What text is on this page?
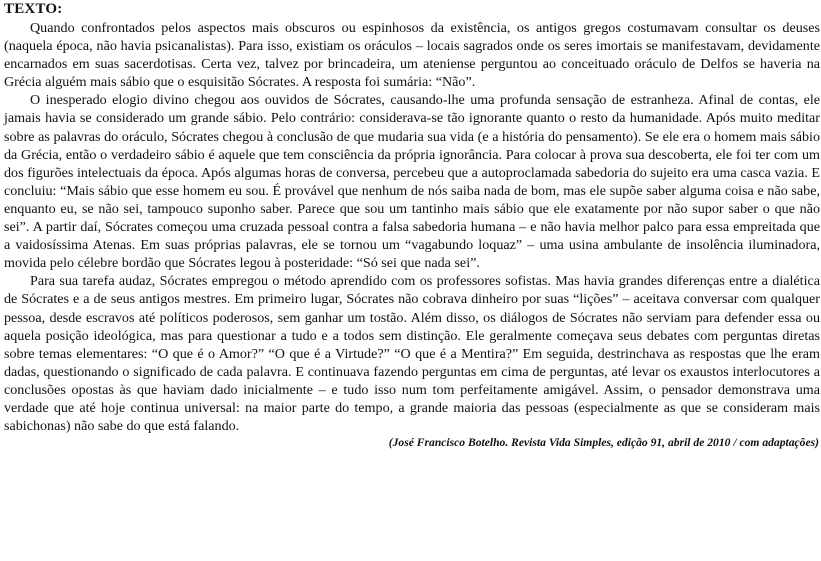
TEXTO:

Quando confrontados pelos aspectos mais obscuros ou espinhosos da existência, os antigos gregos costumavam consultar os deuses (naquela época, não havia psicanalistas). Para isso, existiam os oráculos – locais sagrados onde os seres imortais se manifestavam, devidamente encarnados em suas sacerdotisas. Certa vez, talvez por brincadeira, um ateniense perguntou ao conceituado oráculo de Delfos se haveria na Grécia alguém mais sábio que o esquisitão Sócrates. A resposta foi sumária: “Não”.

O inesperado elogio divino chegou aos ouvidos de Sócrates, causando-lhe uma profunda sensação de estranheza. Afinal de contas, ele jamais havia se considerado um grande sábio. Pelo contrário: considerava-se tão ignorante quanto o resto da humanidade. Após muito meditar sobre as palavras do oráculo, Sócrates chegou à conclusão de que mudaria sua vida (e a história do pensamento). Se ele era o homem mais sábio da Grécia, então o verdadeiro sábio é aquele que tem consciência da própria ignorância. Para colocar à prova sua descoberta, ele foi ter com um dos figurões intelectuais da época. Após algumas horas de conversa, percebeu que a autoproclamada sabedoria do sujeito era uma casca vazia. E concluiu: “Mais sábio que esse homem eu sou. É provável que nenhum de nós saiba nada de bom, mas ele supõe saber alguma coisa e não sabe, enquanto eu, se não sei, tampouco suponho saber. Parece que sou um tantinho mais sábio que ele exatamente por não supor saber o que não sei”. A partir daí, Sócrates começou uma cruzada pessoal contra a falsa sabedoria humana – e não havia melhor palco para essa empreitada que a vaidosíssima Atenas. Em suas próprias palavras, ele se tornou um “vagabundo loquaz” – uma usina ambulante de insolência iluminadora, movida pelo célebre bordão que Sócrates legou à posteridade: “Só sei que nada sei”.

Para sua tarefa audaz, Sócrates empregou o método aprendido com os professores sofistas. Mas havia grandes diferenças entre a dialética de Sócrates e a de seus antigos mestres. Em primeiro lugar, Sócrates não cobrava dinheiro por suas “lições” – aceitava conversar com qualquer pessoa, desde escravos até políticos poderosos, sem ganhar um tostão. Além disso, os diálogos de Sócrates não serviam para defender essa ou aquela posição ideológica, mas para questionar a tudo e a todos sem distinção. Ele geralmente começava seus debates com perguntas diretas sobre temas elementares: “O que é o Amor?” “O que é a Virtude?” “O que é a Mentira?” Em seguida, destrinchava as respostas que lhe eram dadas, questionando o significado de cada palavra. E continuava fazendo perguntas em cima de perguntas, até levar os exaustos interlocutores a conclusões opostas às que haviam dado inicialmente – e tudo isso num tom perfeitamente amigável. Assim, o pensador demonstrava uma verdade que até hoje continua universal: na maior parte do tempo, a grande maioria das pessoas (especialmente as que se consideram mais sabichonas) não sabe do que está falando.

(José Francisco Botelho. Revista Vida Simples, edição 91, abril de 2010 / com adaptações)
